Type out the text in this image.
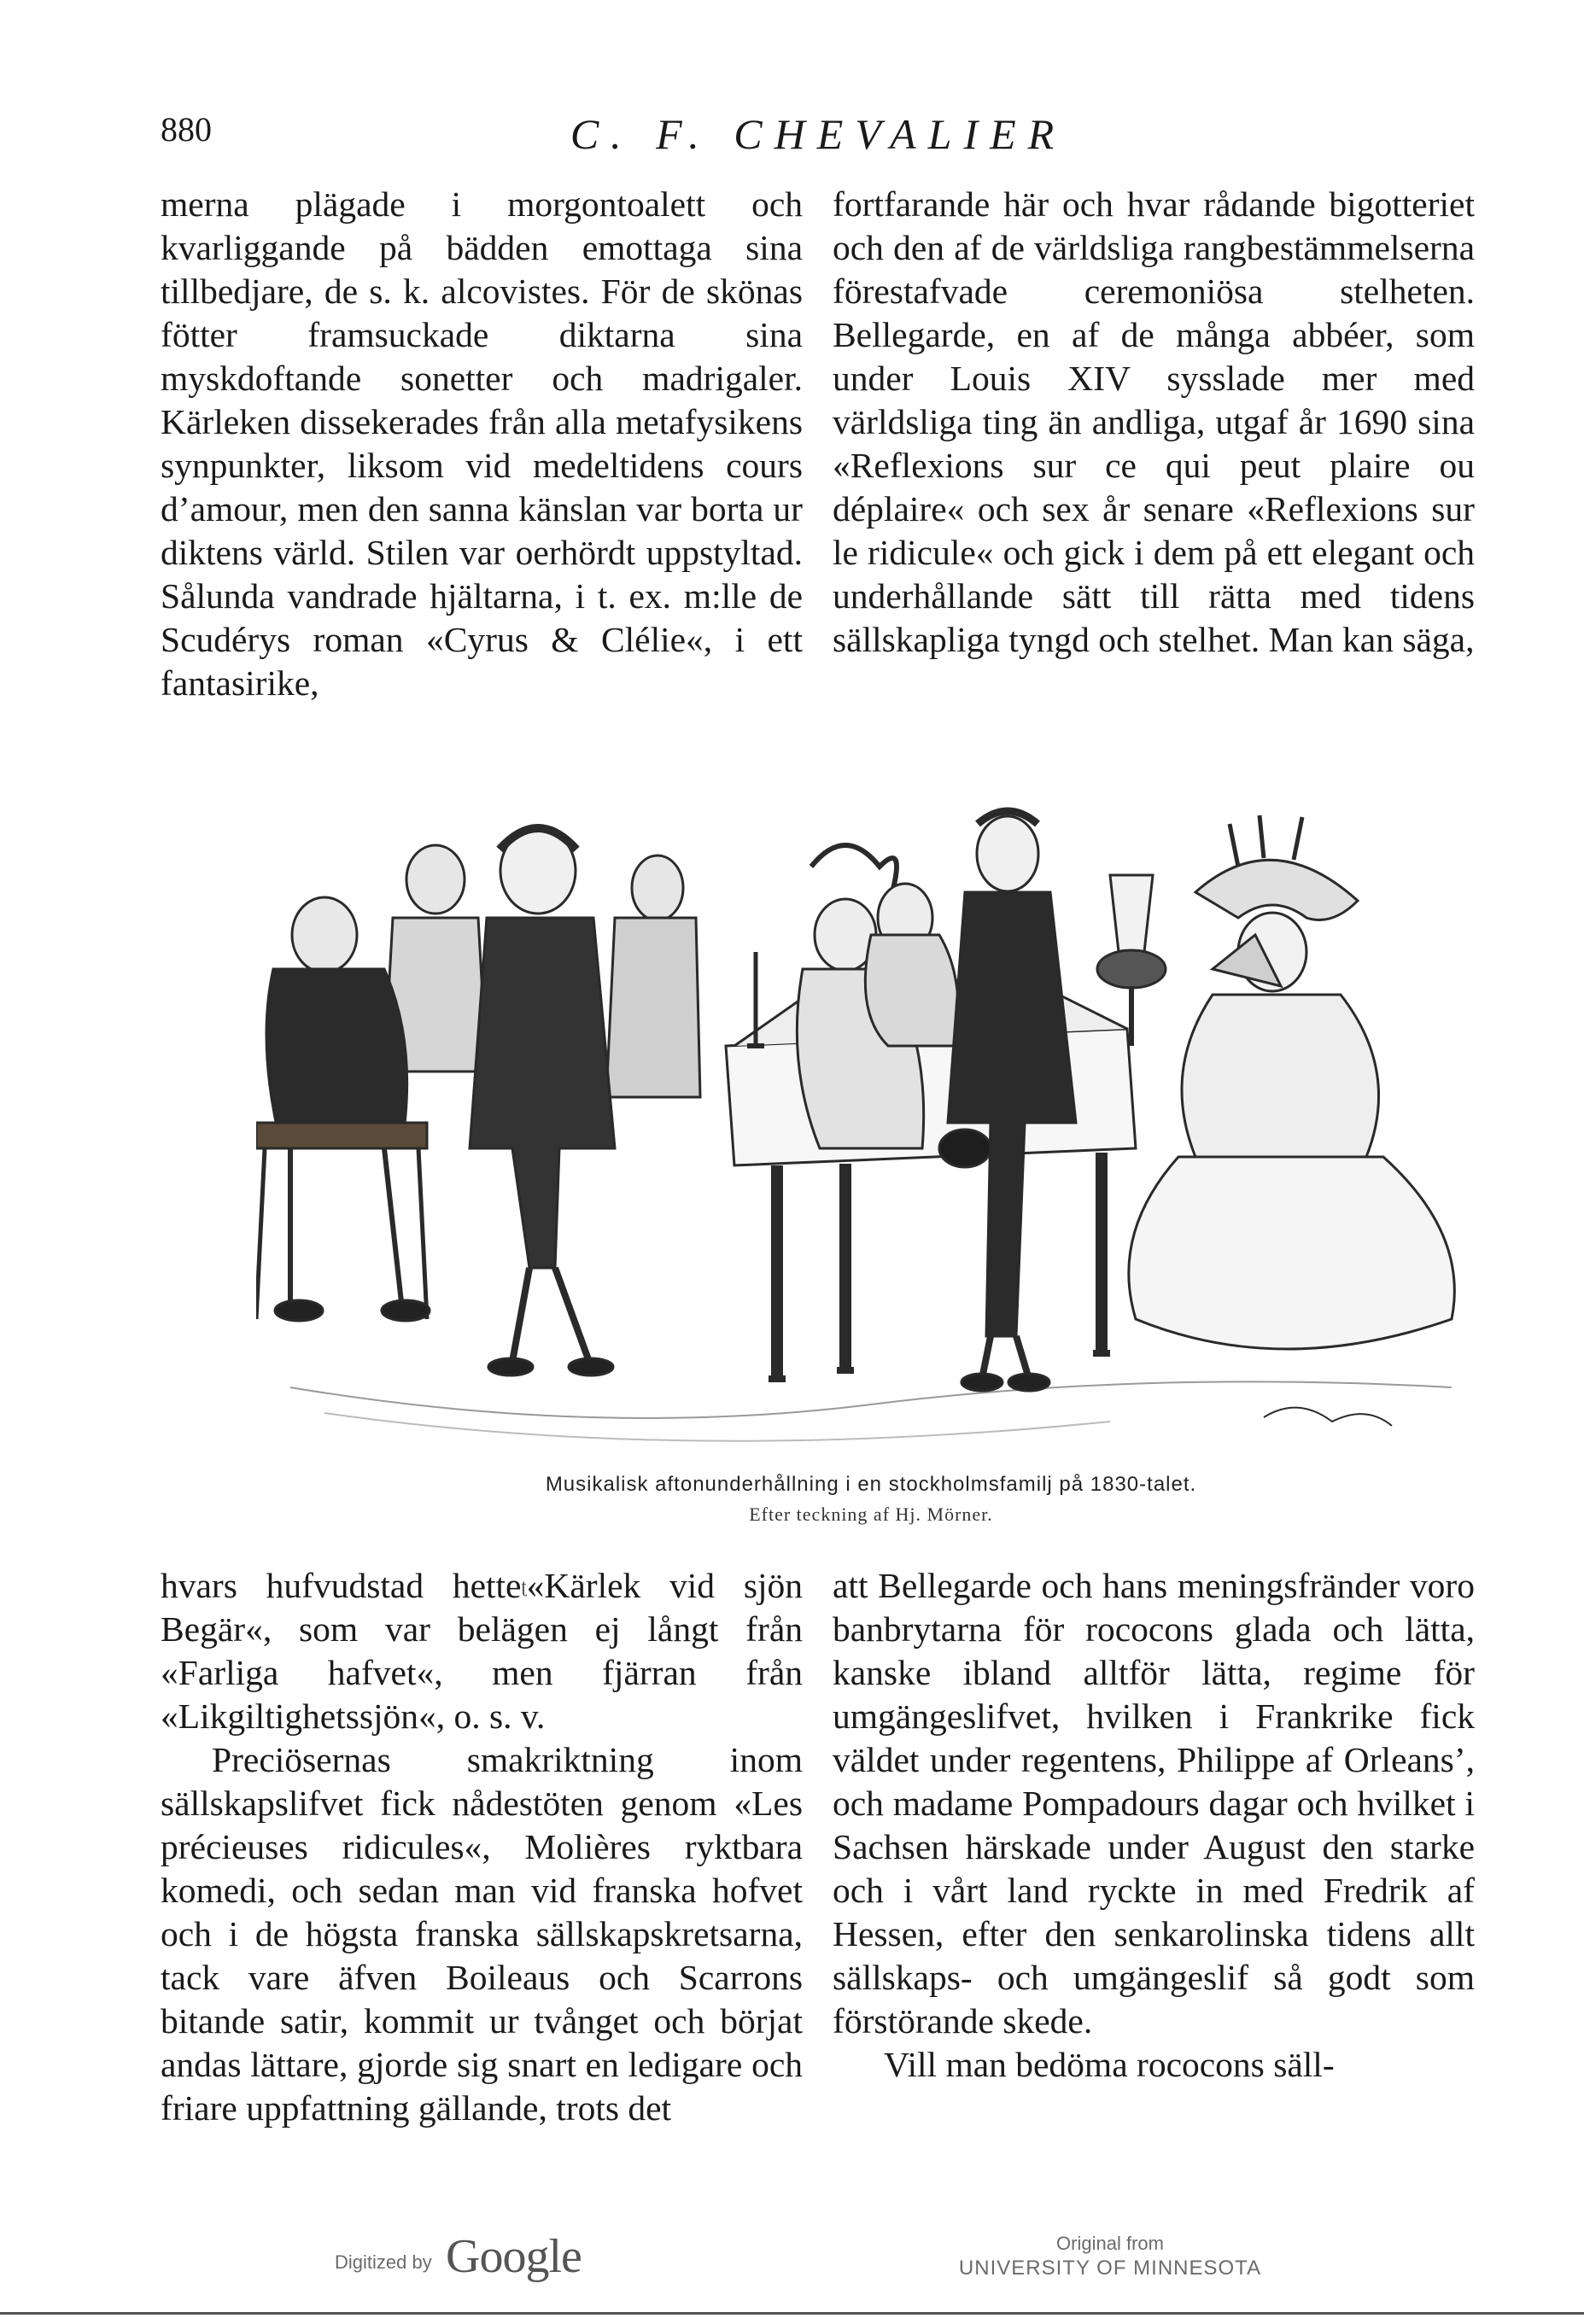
880	C. F. CHEVALIER

merna plägade i morgontoalett och kvarliggande på bädden emottaga sina tillbedjare, de s. k. alcovistes. För de skönas fötter framsuckade diktarna sina myskdoftande sonetter och madrigaler. Kärleken dissekerades från alla metafysikens synpunkter, liksom vid medeltidens cours d’amour, men den sanna känslan var borta ur diktens värld. Stilen var oerhördt uppstyltad. Sålunda vandrade hjältarna, i t. ex. m:lle de Scudérys roman «Cyrus & Clélie«, i ett fantasirike,

fortfarande här och hvar rådande bigotteriet och den af de världsliga rangbestämmelserna förestafvade ceremoniösa stelheten. Bellegarde, en af de många abbéer, som under Louis XIV sysslade mer med världsliga ting än andliga, utgaf år 1690 sina «Reflexions sur ce qui peut plaire ou déplaire« och sex år senare «Reflexions sur le ridicule« och gick i dem på ett elegant och underhållande sätt till rätta med tidens sällskapliga tyngd och stelhet. Man kan säga,

Musikalisk aftonunderhållning i en stockholmsfamilj på 1830-talet.
Efter teckning af Hj. Mörner.

hvars hufvudstad hette$^ʈ$«Kärlek vid sjön Begär«, som var belägen ej långt från «Farliga hafvet«, men fjärran från «Likgiltighetssjön«, o. s. v.

Preciösernas smakriktning inom sällskapslifvet fick nådestöten genom «Les précieuses ridicules«, Molières ryktbara komedi, och sedan man vid franska hofvet och i de högsta franska sällskapskretsarna, tack vare äfven Boileaus och Scarrons bitande satir, kommit ur tvånget och börjat andas lättare, gjorde sig snart en ledigare och friare uppfattning gällande, trots det

att Bellegarde och hans meningsfränder voro banbrytarna för rococons glada och lätta, kanske ibland alltför lätta, regime för umgängeslifvet, hvilken i Frankrike fick väldet under regentens, Philippe af Orleans’, och madame Pompadours dagar och hvilket i Sachsen härskade under August den starke och i vårt land ryckte in med Fredrik af Hessen, efter den senkarolinska tidens allt sällskaps- och umgängeslif så godt som förstörande skede.

Vill man bedöma rococons säll-

Digitized by Google	Original from
UNIVERSITY OF MINNESOTA
